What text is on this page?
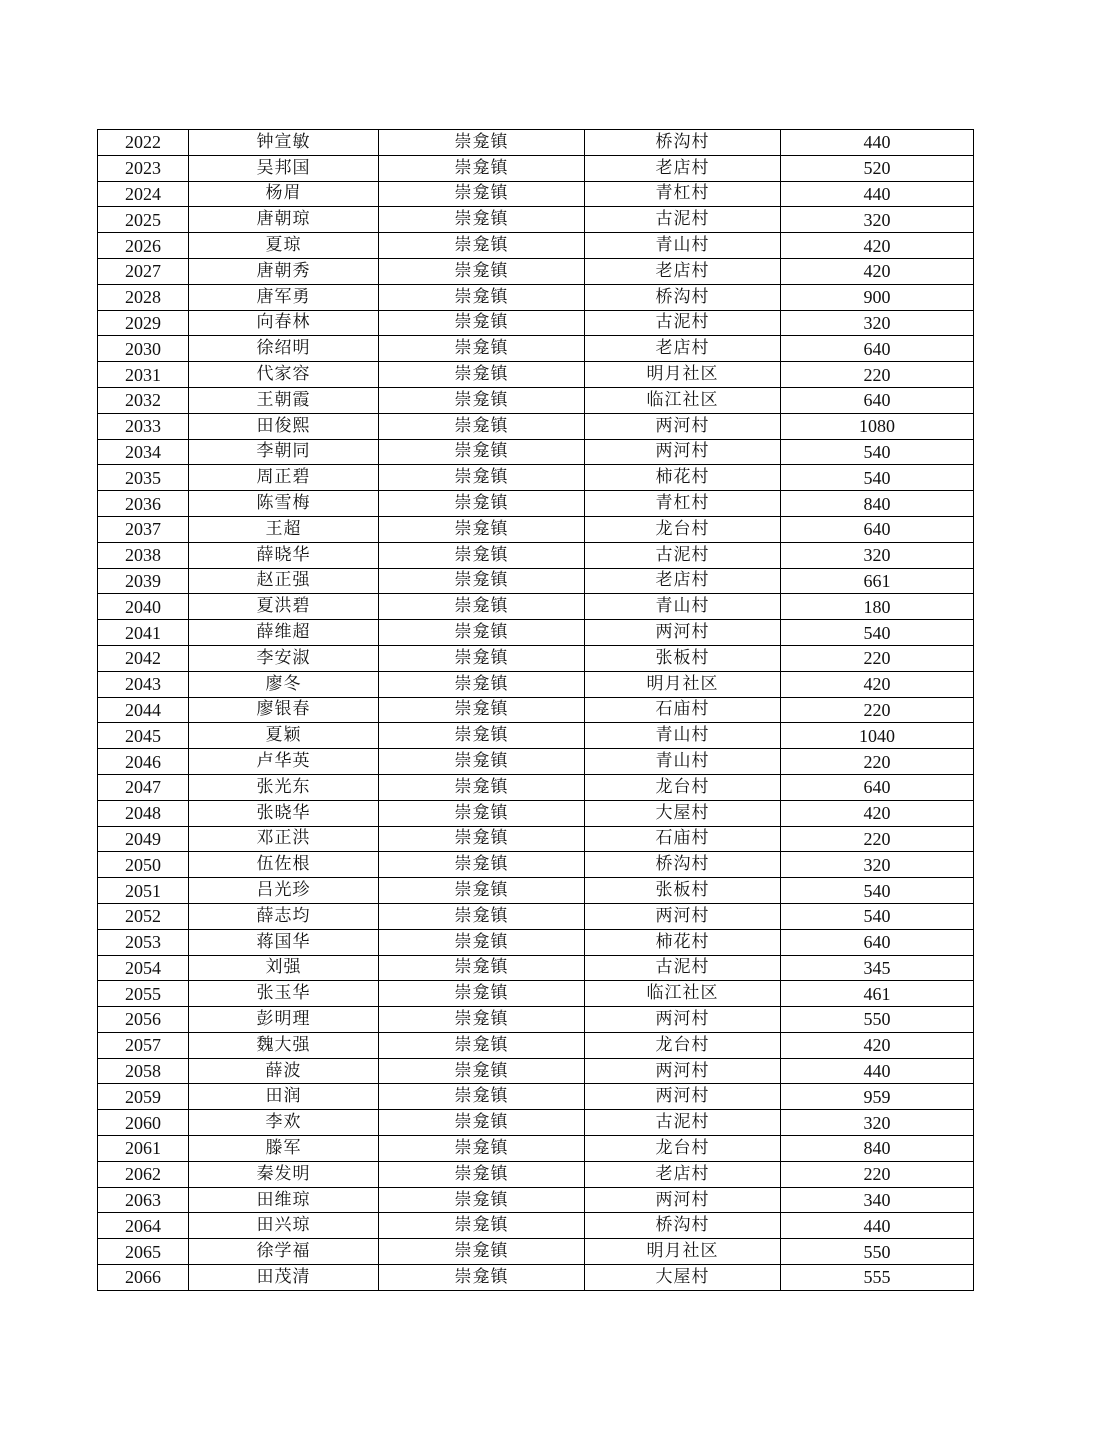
2022	钟宣敏	崇龛镇	桥沟村	440
2023	吴邦国	崇龛镇	老店村	520
2024	杨眉	崇龛镇	青杠村	440
2025	唐朝琼	崇龛镇	古泥村	320
2026	夏琼	崇龛镇	青山村	420
2027	唐朝秀	崇龛镇	老店村	420
2028	唐军勇	崇龛镇	桥沟村	900
2029	向春林	崇龛镇	古泥村	320
2030	徐绍明	崇龛镇	老店村	640
2031	代家容	崇龛镇	明月社区	220
2032	王朝霞	崇龛镇	临江社区	640
2033	田俊熙	崇龛镇	两河村	1080
2034	李朝同	崇龛镇	两河村	540
2035	周正碧	崇龛镇	柿花村	540
2036	陈雪梅	崇龛镇	青杠村	840
2037	王超	崇龛镇	龙台村	640
2038	薛晓华	崇龛镇	古泥村	320
2039	赵正强	崇龛镇	老店村	661
2040	夏洪碧	崇龛镇	青山村	180
2041	薛维超	崇龛镇	两河村	540
2042	李安淑	崇龛镇	张板村	220
2043	廖冬	崇龛镇	明月社区	420
2044	廖银春	崇龛镇	石庙村	220
2045	夏颖	崇龛镇	青山村	1040
2046	卢华英	崇龛镇	青山村	220
2047	张光东	崇龛镇	龙台村	640
2048	张晓华	崇龛镇	大屋村	420
2049	邓正洪	崇龛镇	石庙村	220
2050	伍佐根	崇龛镇	桥沟村	320
2051	吕光珍	崇龛镇	张板村	540
2052	薛志均	崇龛镇	两河村	540
2053	蒋国华	崇龛镇	柿花村	640
2054	刘强	崇龛镇	古泥村	345
2055	张玉华	崇龛镇	临江社区	461
2056	彭明理	崇龛镇	两河村	550
2057	魏大强	崇龛镇	龙台村	420
2058	薛波	崇龛镇	两河村	440
2059	田润	崇龛镇	两河村	959
2060	李欢	崇龛镇	古泥村	320
2061	滕军	崇龛镇	龙台村	840
2062	秦发明	崇龛镇	老店村	220
2063	田维琼	崇龛镇	两河村	340
2064	田兴琼	崇龛镇	桥沟村	440
2065	徐学福	崇龛镇	明月社区	550
2066	田茂清	崇龛镇	大屋村	555
